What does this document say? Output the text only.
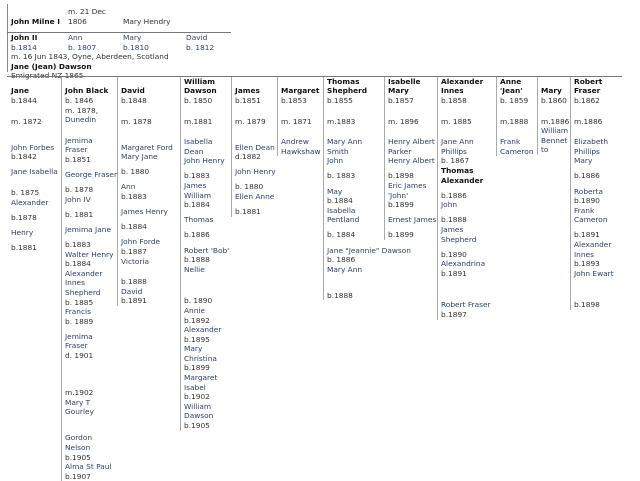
John Milne I
m. 21 Dec
1806	Mary Hendry
John II
b.1814
Ann
b. 1807
Mary
b.1810
David
b. 1812
m. 16 Jun 1843, Oyne, Aberdeen, Scotland
Jane (Jean) Dawson
Emigrated NZ 1865
Jane
b.1844
m. 1872
John Forbes
b.1842
Jane Isabella
b. 1875
Alexander
b.1878
Henry
b.1881
John Black
b. 1846
m. 1878,
Dunedin
Jemima
Fraser
b.1851
George Fraser
b. 1878
John IV
b. 1881
Jemima Jane
b.1883
Walter Henry
b.1884
Alexander
Innes
Shepherd
b. 1885
Francis
b. 1889
Jemima
Fraser
d. 1901
m.1902
Mary T
Gourley
Gordon
Nelson
b.1905
Alma St Paul
b.1907
David
b.1848
m. 1878
Margaret Ford
Mary Jane
b. 1880
Ann
b.1883
James Henry
b.1884
John Forde
b.1887
Victoria
b.1888
David
b.1891
William Dawson
b. 1850
m.1881
Isabella
Dean
John Henry
b.1883
James
William
b.1884
Thomas
b.1886
Robert 'Bob'
b.1888
Nellie
b. 1890
Annie
b.1892
Alexander
b.1895
Mary
Christina
b.1899
Margaret
Isabel
b.1902
William
Dawson
b.1905
James
b.1851
m. 1879
Ellen Dean
d.1882
John Henry
b. 1880
Ellen Anne
b.1881
Margaret
b.1853
m. 1871
Andrew
Hawkshaw
Thomas Shepherd
b.1855
m.1883
Mary Ann
Smith
John
b. 1883
May
b.1884
Isabella
Pentland
b. 1884
Jane "Jeannie" Dawson
b. 1886
Mary Ann
b.1888
Isabelle Mary
b.1857
m. 1896
Henry Albert
Parker
Henry Albert
b.1898
Eric James
'John'
b.1899
Ernest James
b.1899
Alexander Innes
b.1858
m. 1885
Jane Ann
Phillips
b. 1867
Thomas
Alexander
b.1886
John
b.1888
James
Shepherd
b.1890
Alexandrina
b.1891
Robert Fraser
b.1897
Anne 'Jean'
b. 1859
m.1888
Frank
Cameron
Mary
b.1860
m.1886
William
Bennet
to
Robert Fraser
b.1862
m.1886
Elizabeth
Phillips
Mary
b.1886
Roberta
b.1890
Frank
Cameron
b.1891
Alexander
Innes
b.1893
John Ewart
b.1898
